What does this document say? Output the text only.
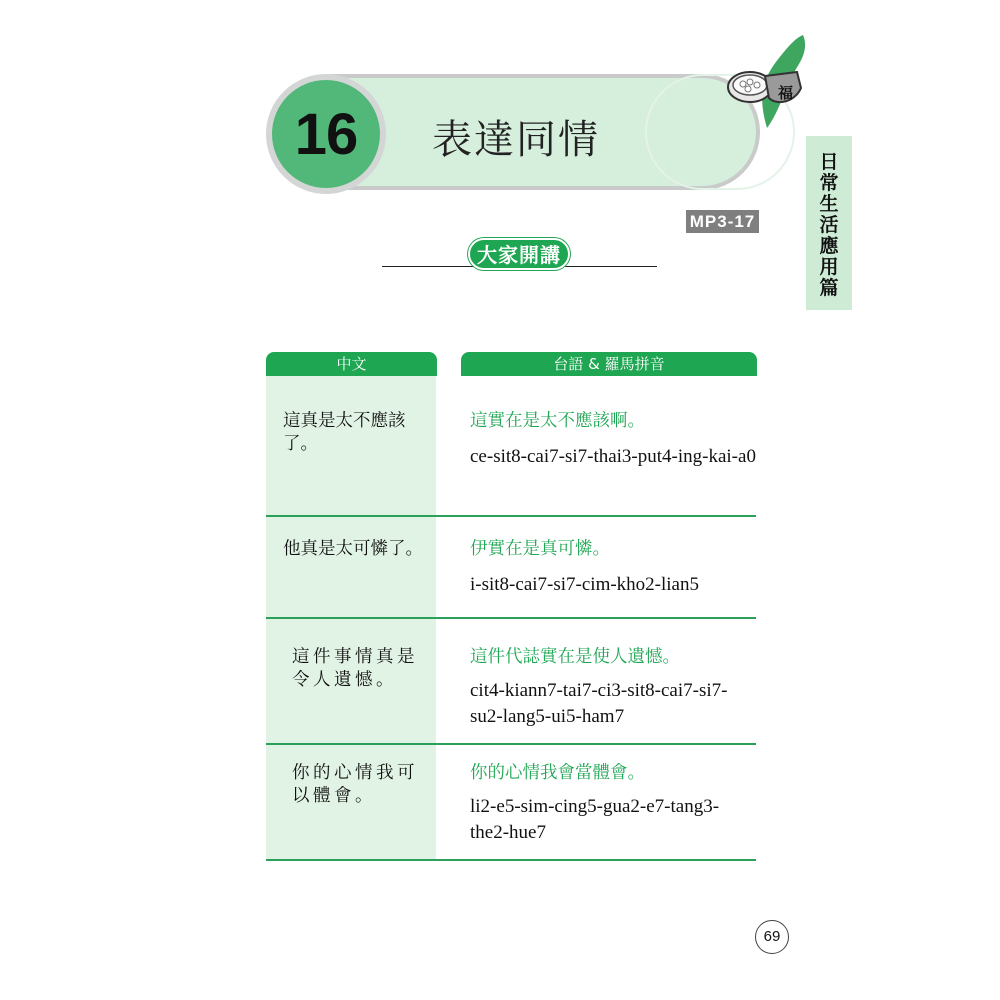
16 表達同情
福
日
常
生
活
應
用
篇
MP3-17
大家開講
中文	台語 & 羅馬拼音
這真是太不應該了。
這實在是太不應該啊。
ce-sit8-cai7-si7-thai3-put4-ing-kai-a0
他真是太可憐了。	伊實在是真可憐。
i-sit8-cai7-si7-cim-kho2-lian5
這件事情真是令人遺憾。
這件代誌實在是使人遺憾。
cit4-kiann7-tai7-ci3-sit8-cai7-si7-su2-lang5-ui5-ham7
你的心情我可以體會。
你的心情我會當體會。
li2-e5-sim-cing5-gua2-e7-tang3-the2-hue7
69
